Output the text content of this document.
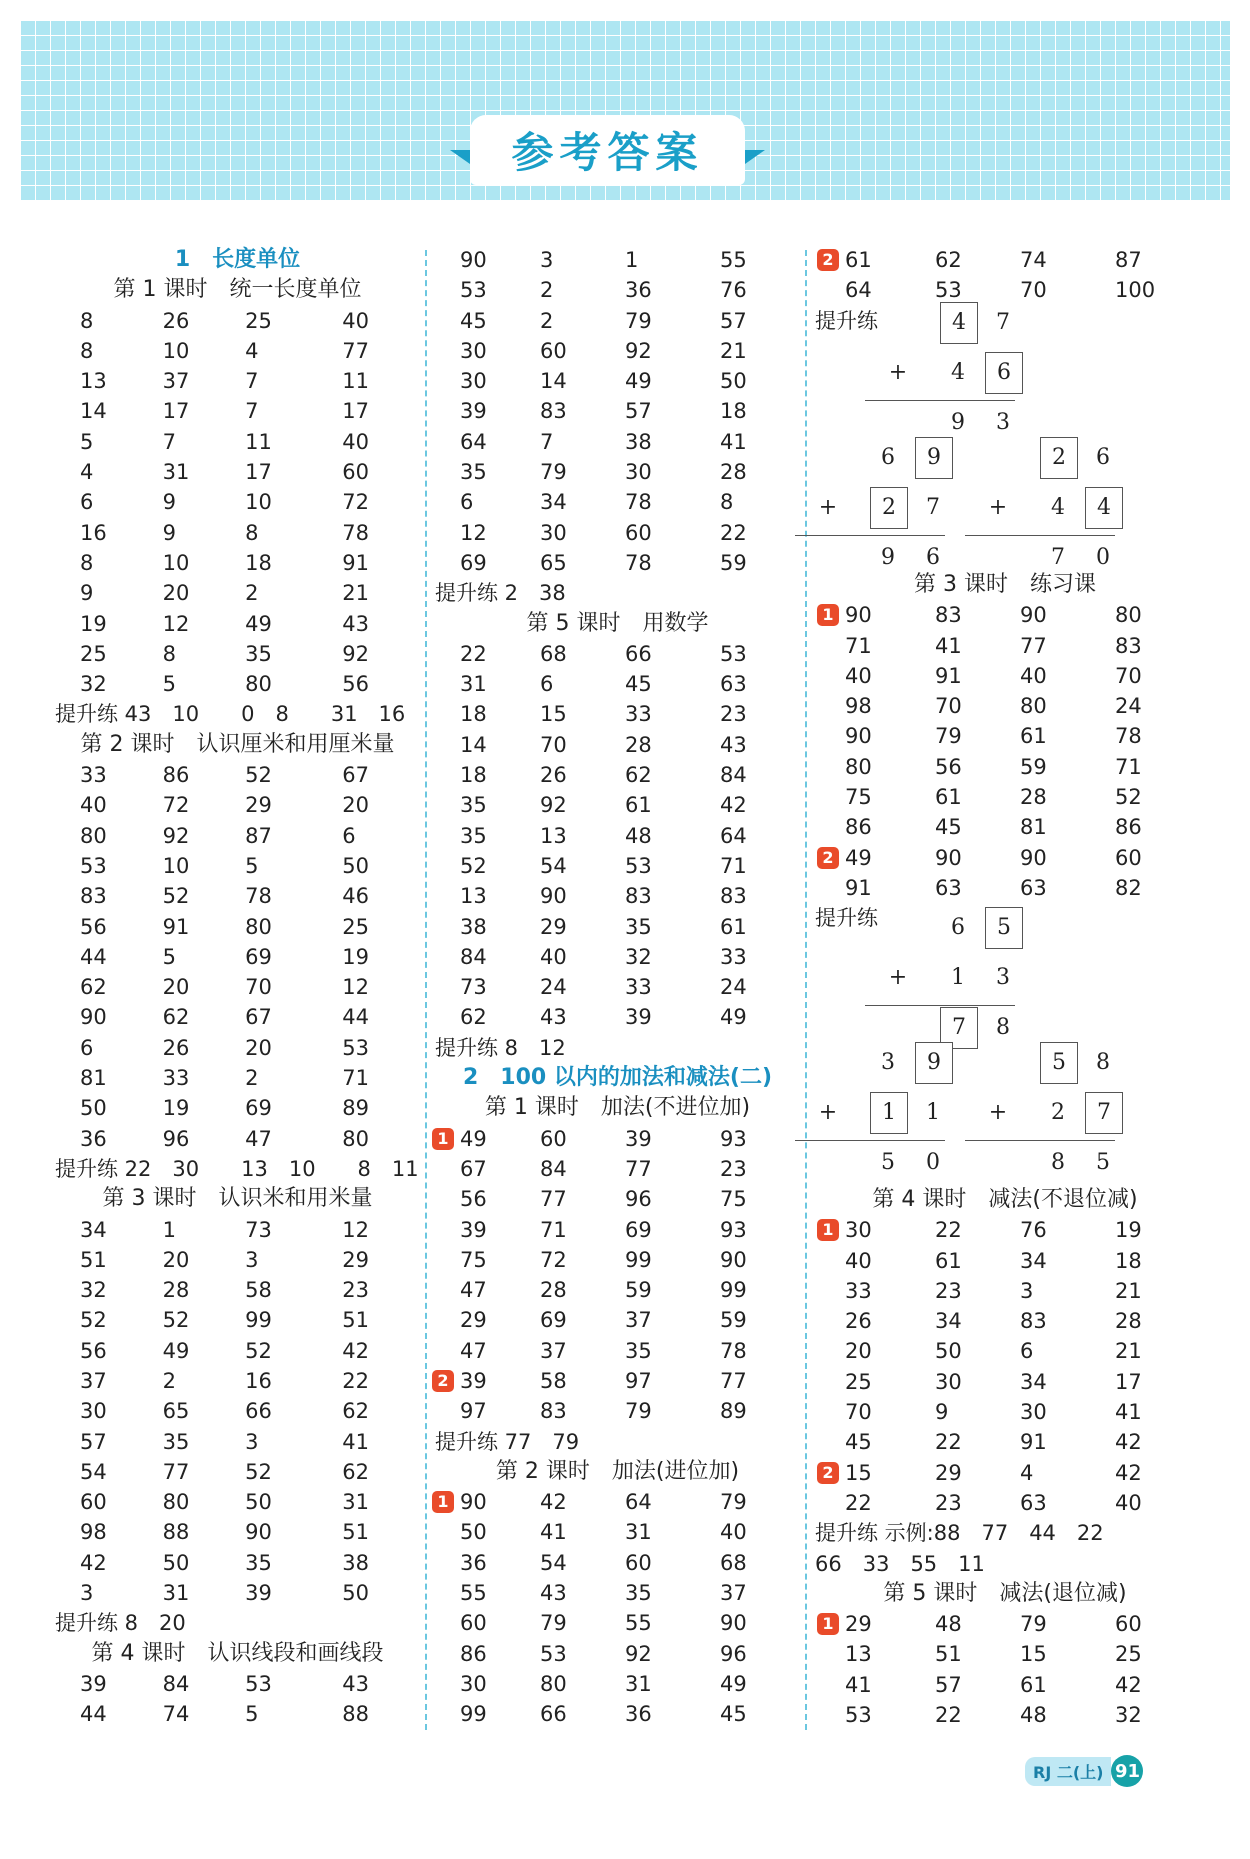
参考答案
1　长度单位
第 1 课时　统一长度单位
8	26	25	40
8	10	4	77
13	37	7	11
14	17	7	17
5	7	11	40
4	31	17	60
6	9	10	72
16	9	8	78
8	10	18	91
9	20	2	21
19	12	49	43
25	8	35	92
32	5	80	56
提升练 43　10　　0　8　　31　16
第 2 课时　认识厘米和用厘米量
33	86	52	67
40	72	29	20
80	92	87	6
53	10	5	50
83	52	78	46
56	91	80	25
44	5	69	19
62	20	70	12
90	62	67	44
6	26	20	53
81	33	2	71
50	19	69	89
36	96	47	80
提升练 22　30　　13　10　　8　11
第 3 课时　认识米和用米量
34	1	73	12
51	20	3	29
32	28	58	23
52	52	99	51
56	49	52	42
37	2	16	22
30	65	66	62
57	35	3	41
54	77	52	62
60	80	50	31
98	88	90	51
42	50	35	38
3	31	39	50
提升练 8　20
第 4 课时　认识线段和画线段
39	84	53	43
44	74	5	88
90	3	1	55
53	2	36	76
45	2	79	57
30	60	92	21
30	14	49	50
39	83	57	18
64	7	38	41
35	79	30	28
6	34	78	8
12	30	60	22
69	65	78	59
提升练 2　38
第 5 课时　用数学
22	68	66	53
31	6	45	63
18	15	33	23
14	70	28	43
18	26	62	84
35	92	61	42
35	13	48	64
52	54	53	71
13	90	83	83
38	29	35	61
84	40	32	33
73	24	33	24
62	43	39	49
提升练 8　12
2　100 以内的加法和减法(二)
第 1 课时　加法(不进位加)
1 49	60	39	93
67	84	77	23
56	77	96	75
39	71	69	93
75	72	99	90
47	28	59	99
29	69	37	59
47	37	35	78
2 39	58	97	77
97	83	79	89
提升练 77　79
第 2 课时　加法(进位加)
1 90	42	64	79
50	41	31	40
36	54	60	68
55	43	35	37
60	79	55	90
86	53	92	96
30	80	31	49
99	66	36	45
2 61	62	74	87
64	53	70	100
提升练
第 3 课时　练习课
1 90	83	90	80
71	41	77	83
40	91	40	70
98	70	80	24
90	79	61	78
80	56	59	71
75	61	28	52
86	45	81	86
2 49	90	90	60
91	63	63	82
提升练
第 4 课时　减法(不退位减)
1 30	22	76	19
40	61	34	18
33	23	3	21
26	34	83	28
20	50	6	21
25	30	34	17
70	9	30	41
45	22	91	42
2 15	29	4	42
22	23	63	40
提升练 示例:88　77　44　22
66　33　55　11
第 5 课时　减法(退位减)
1 29	48	79	60
13	51	15	25
41	57	61	42
53	22	48	32
4	7
4	6
9	3
+
6	9
2	7
9	6
+
2	6
4	4
7	0
+
6	5
1	3
7	8
+
3	9
1	1
5	0
+
5	8
2	7
8	5
+
RJ 二(上) 91
